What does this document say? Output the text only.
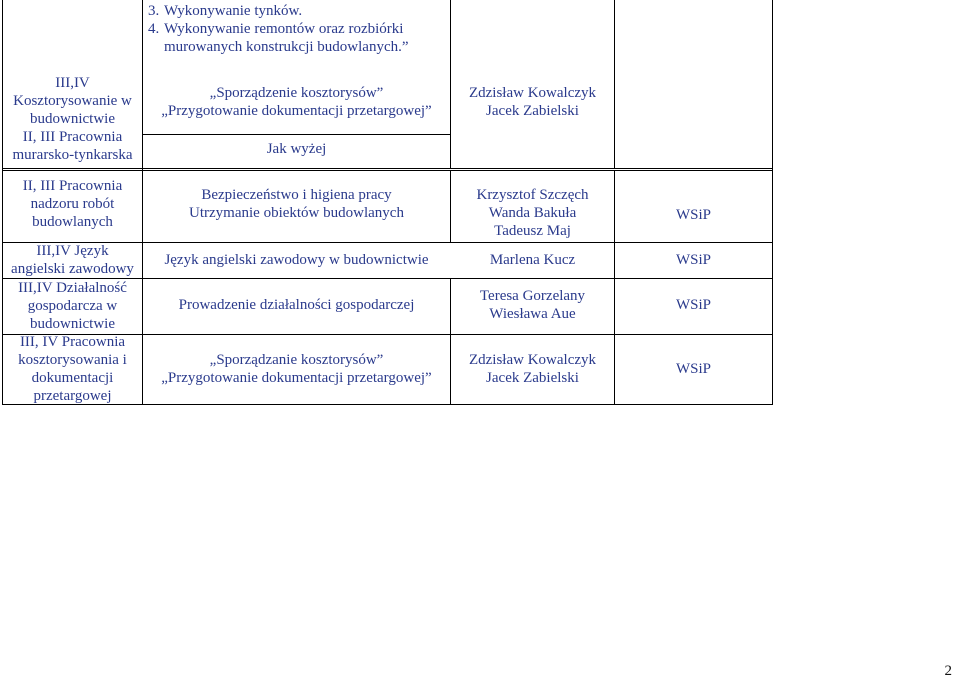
III,IV
Kosztorysowanie w
budownictwie
II, III Pracownia
murarsko-tynkarska
3. Wykonywanie tynków.
4. Wykonywanie remontów oraz rozbiórki murowanych konstrukcji budowlanych.”
„Sporządzenie kosztorysów”
„Przygotowanie dokumentacji przetargowej”
Jak wyżej
Zdzisław Kowalczyk
Jacek Zabielski
II, III Pracownia
nadzoru robót
budowlanych
Bezpieczeństwo i higiena pracy
Utrzymanie obiektów budowlanych
Krzysztof Szczęch
Wanda Bakuła
Tadeusz Maj
WSiP
III,IV Język
angielski zawodowy
Język angielski zawodowy w budownictwie	Marlena Kucz	WSiP
III,IV Działalność
gospodarcza w
budownictwie
Prowadzenie działalności gospodarczej
Teresa Gorzelany
Wiesława Aue
WSiP
III, IV Pracownia
kosztorysowania i
dokumentacji
przetargowej
„Sporządzanie kosztorysów”
„Przygotowanie dokumentacji przetargowej”
Zdzisław Kowalczyk
Jacek Zabielski
WSiP
2
